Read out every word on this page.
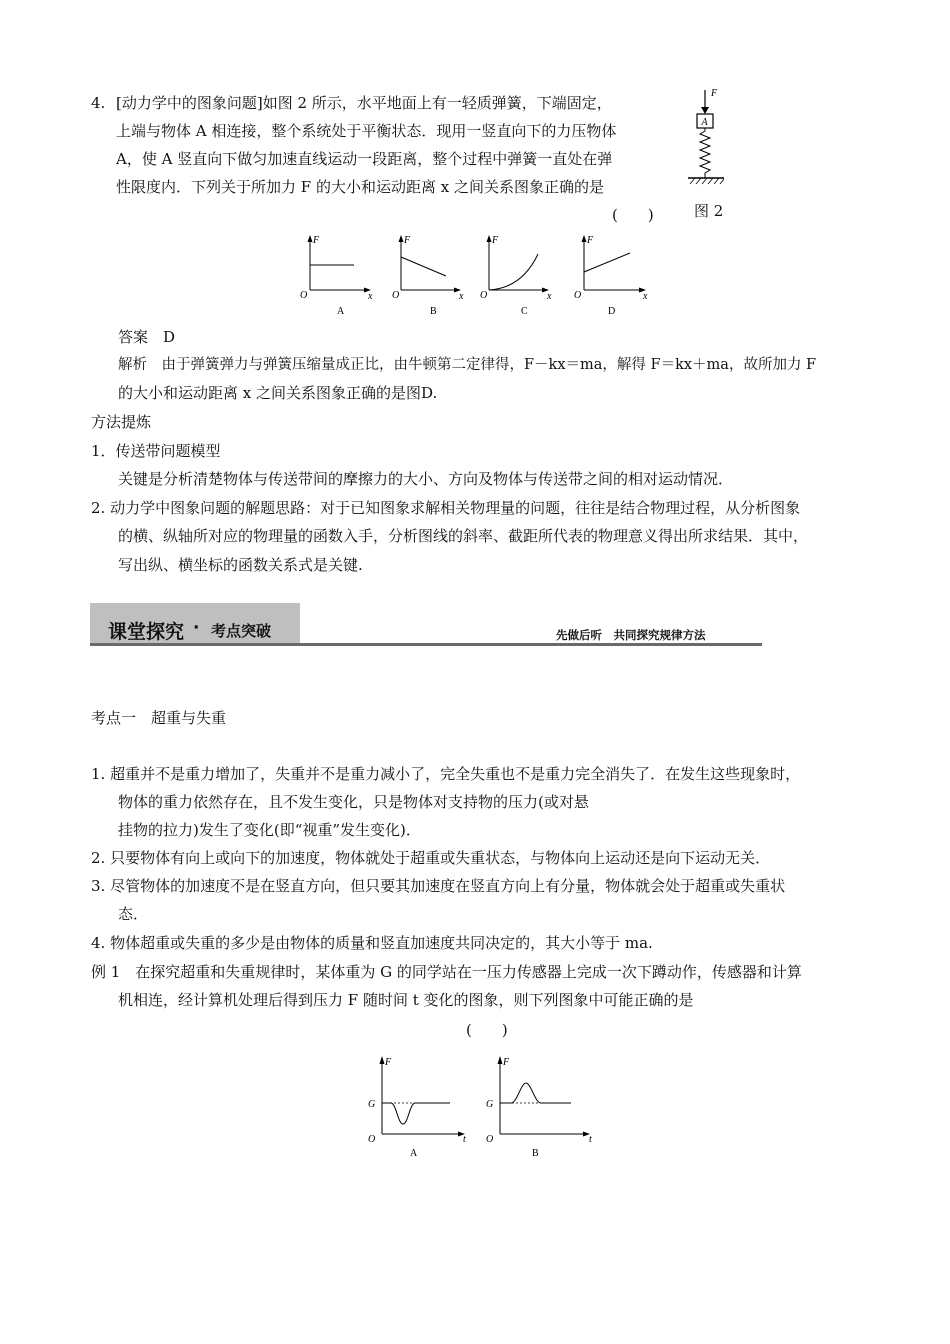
4. [动力学中的图象问题]如图 2 所示，水平地面上有一轻质弹簧，下端固定，
上端与物体 A 相连接，整个系统处于平衡状态．现用一竖直向下的力压物体
A，使 A 竖直向下做匀加速直线运动一段距离，整个过程中弹簧一直处在弹
性限度内．下列关于所加力 F 的大小和运动距离 x 之间关系图象正确的是
(　　)
F
A
图 2
F
O	x
A
F
O	x
B
F
O	x
C
F
O	x
D
答案　D
解析　由于弹簧弹力与弹簧压缩量成正比，由牛顿第二定律得，F－kx＝ma，解得 F＝kx＋ma，故所加力 F
的大小和运动距离 x 之间关系图象正确的是图D.
方法提炼
1．传送带问题模型
关键是分析清楚物体与传送带间的摩擦力的大小、方向及物体与传送带之间的相对运动情况．
2. 动力学中图象问题的解题思路：对于已知图象求解相关物理量的问题，往往是结合物理过程，从分析图象
的横、纵轴所对应的物理量的函数入手，分析图线的斜率、截距所代表的物理意义得出所求结果．其中，
写出纵、横坐标的函数关系式是关键.
课堂探究 · 考点突破	先做后听　共同探究规律方法
考点一　超重与失重
1. 超重并不是重力增加了，失重并不是重力减小了，完全失重也不是重力完全消失了．在发生这些现象时，
物体的重力依然存在，且不发生变化，只是物体对支持物的压力(或对悬
挂物的拉力)发生了变化(即“视重”发生变化)．
2. 只要物体有向上或向下的加速度，物体就处于超重或失重状态，与物体向上运动还是向下运动无关．
3. 尽管物体的加速度不是在竖直方向，但只要其加速度在竖直方向上有分量，物体就会处于超重或失重状
态．
4. 物体超重或失重的多少是由物体的质量和竖直加速度共同决定的，其大小等于 ma.
例 1　在探究超重和失重规律时，某体重为 G 的同学站在一压力传感器上完成一次下蹲动作，传感器和计算
机相连，经计算机处理后得到压力 F 随时间 t 变化的图象，则下列图象中可能正确的是
(　　)
F
G
O	t
A
F
G
O	t
B
